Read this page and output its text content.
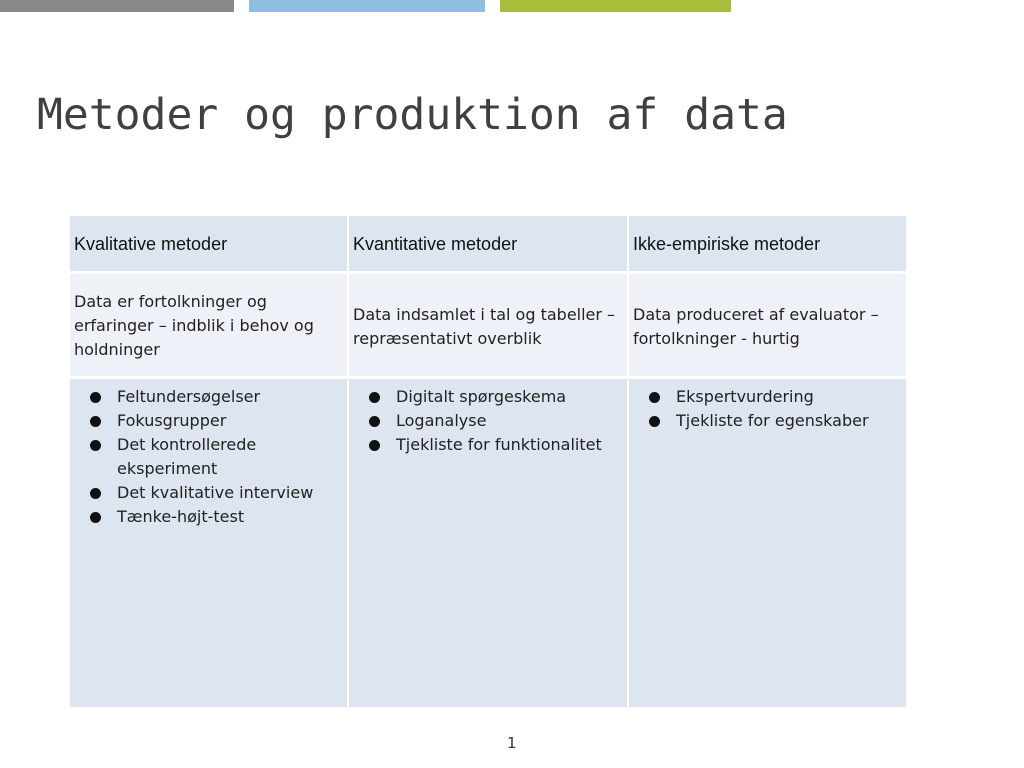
Metoder og produktion af data
Kvalitative metoder	Kvantitative metoder	Ikke-empiriske metoder
Data er fortolkninger og erfaringer – indblik i behov og holdninger
Data indsamlet i tal og tabeller – repræsentativt overblik
Data produceret af evaluator – fortolkninger - hurtig
Feltundersøgelser
Fokusgrupper
Det kontrollerede eksperiment
Det kvalitative interview
Tænke-højt-test
Digitalt spørgeskema
Loganalyse
Tjekliste for funktionalitet
Ekspertvurdering
Tjekliste for egenskaber
1
